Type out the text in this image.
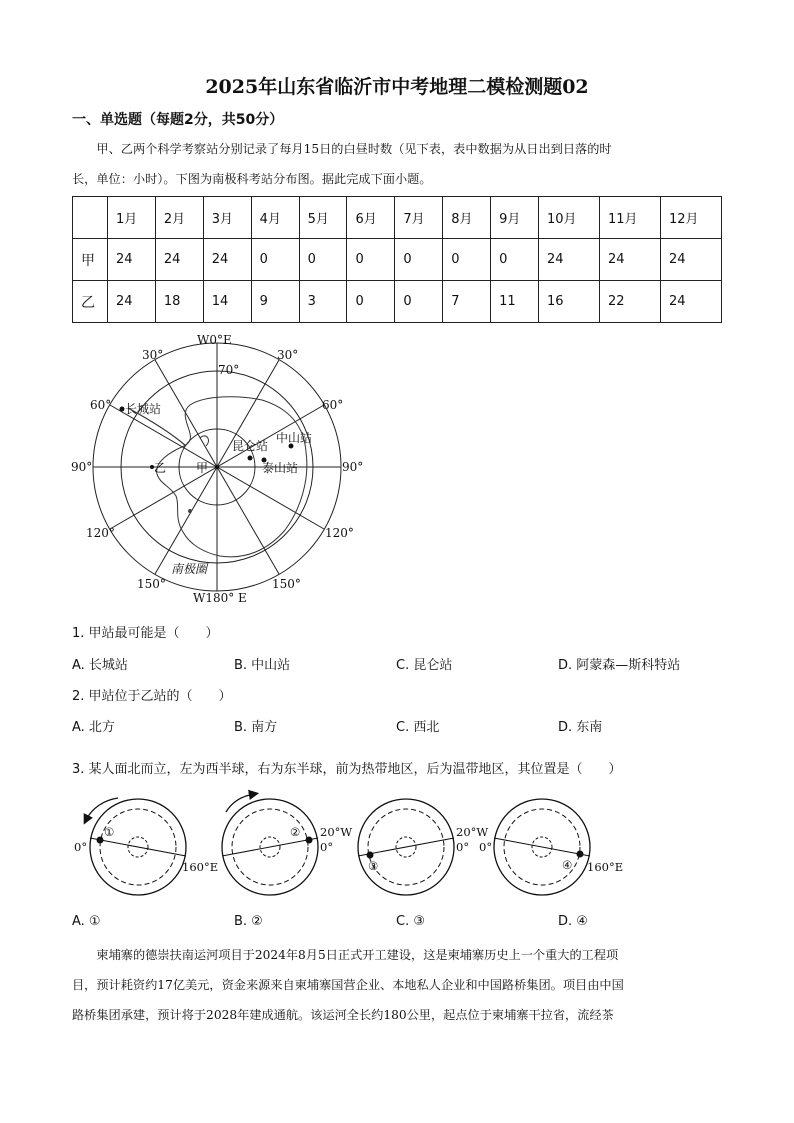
2025年山东省临沂市中考地理二模检测题02
一、单选题（每题2分，共50分）

甲、乙两个科学考察站分别记录了每月15日的白昼时数（见下表，表中数据为从日出到日落的时

长，单位：小时）。下图为南极科考站分布图。据此完成下面小题。

	1月	2月	3月	4月	5月	6月	7月	8月	9月	10月	11月	12月
甲	24	24	24	0	0	0	0	0	0	24	24	24
乙	24	18	14	9	3	0	0	7	11	16	22	24
W0°E
W180° E
70°
30°	30°
60°	60°
90°	90°
120°	120°
150°	150°
长城站
中山站
昆仑站
泰山站
甲
乙
南极圈
1. 甲站最可能是（　　）
A. 长城站	B. 中山站	C. 昆仑站	D. 阿蒙森—斯科特站
2. 甲站位于乙站的（　　）
A. 北方	B. 南方	C. 西北	D. 东南
3. 某人面北而立，左为西半球，右为东半球，前为热带地区，后为温带地区，其位置是（　　）
0°
①
160°E
② 20°W
0°
③
20°W
0° 0°
④ 160°E
A. ①	B. ②	C. ③	D. ④

柬埔寨的德崇扶南运河项目于2024年8月5日正式开工建设，这是柬埔寨历史上一个重大的工程项

目，预计耗资约17亿美元，资金来源来自柬埔寨国营企业、本地私人企业和中国路桥集团。项目由中国

路桥集团承建，预计将于2028年建成通航。该运河全长约180公里，起点位于柬埔寨干拉省，流经茶
